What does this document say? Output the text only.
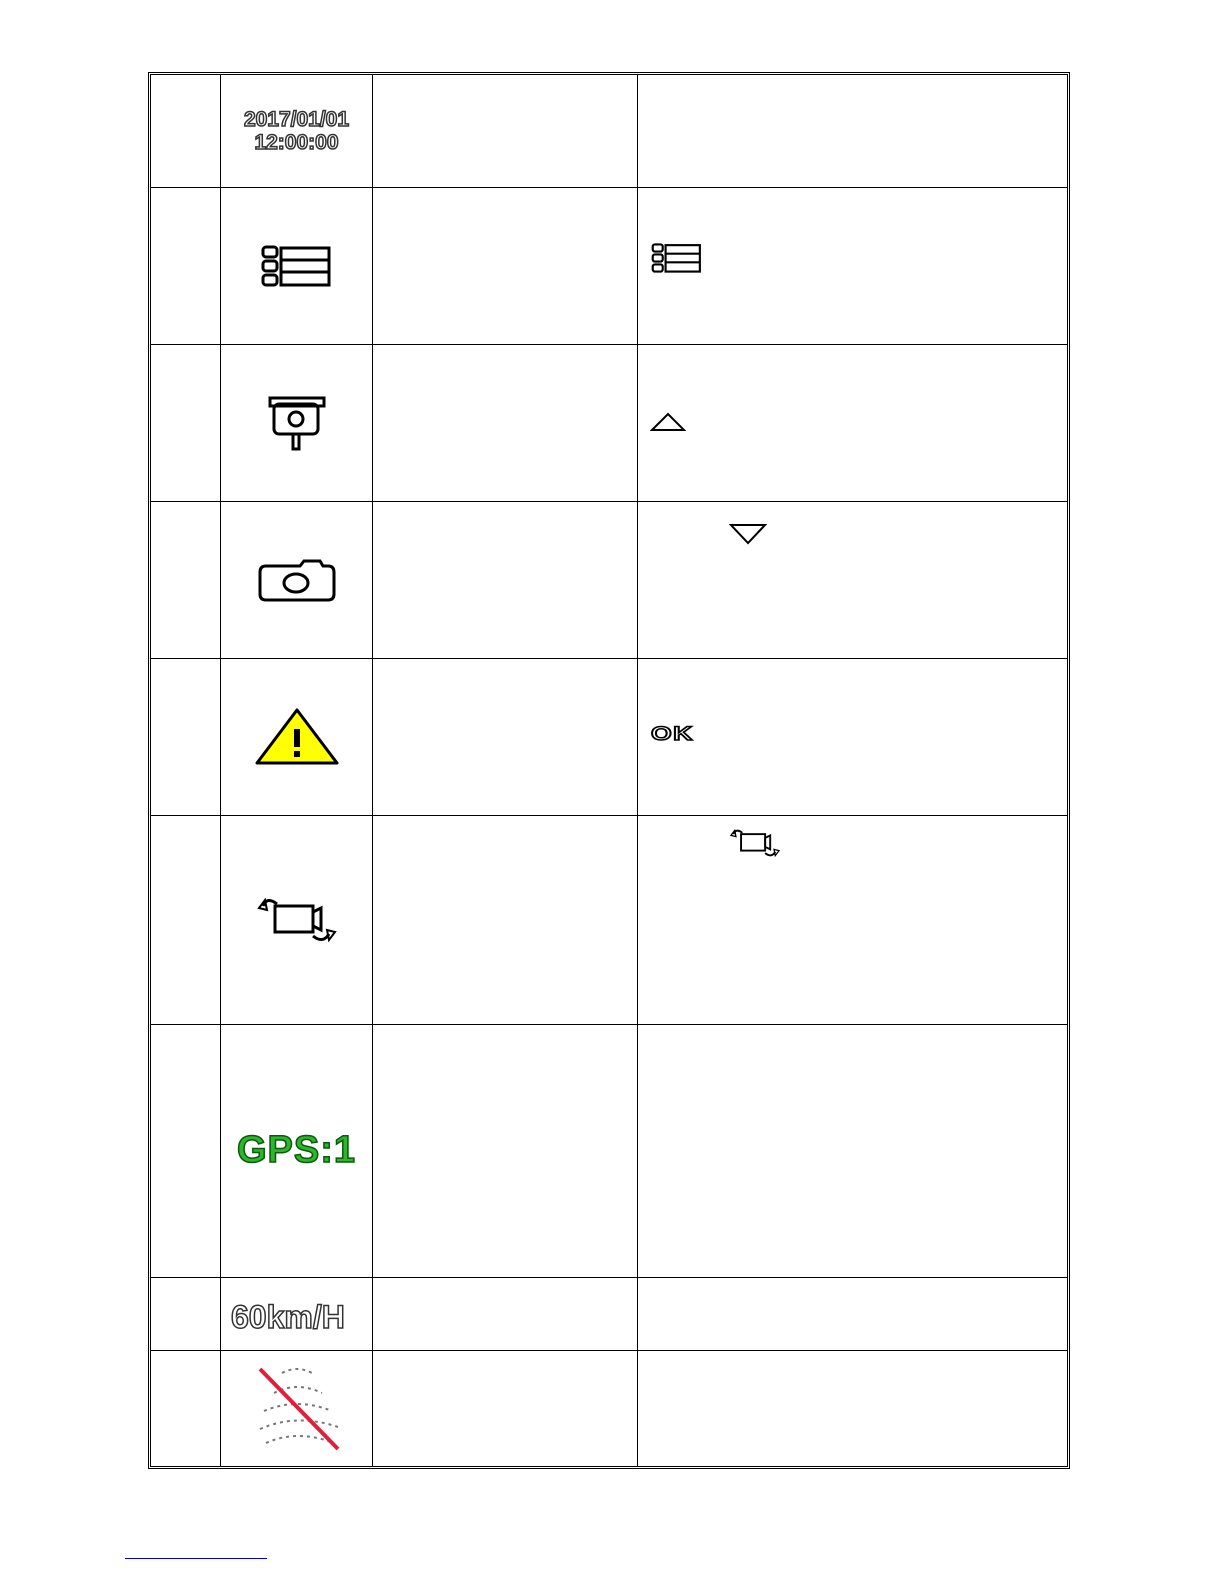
2017/01/01
12:00:00
OK
GPS:1
60km/H
